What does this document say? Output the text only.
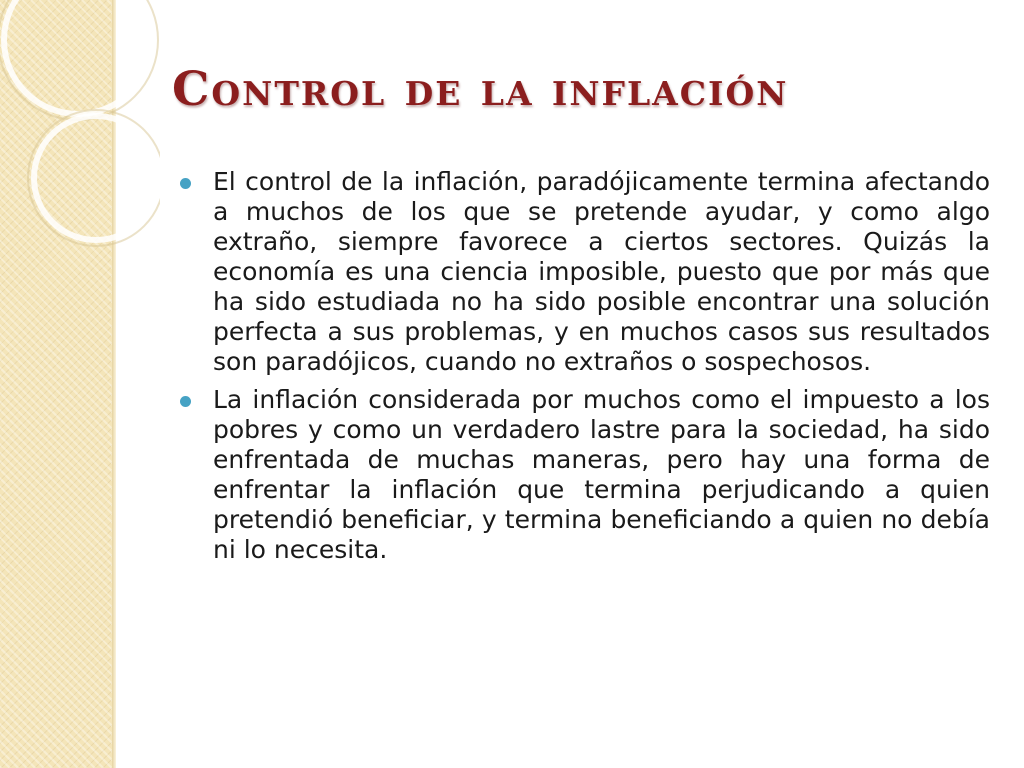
Control de la inflación

El control de la inflación, paradójicamente termina afectando a muchos de los que se pretende ayudar, y como algo extraño, siempre favorece a ciertos sectores. Quizás la economía es una ciencia imposible, puesto que por más que ha sido estudiada no ha sido posible encontrar una solución perfecta a sus problemas, y en muchos casos sus resultados son paradójicos, cuando no extraños o sospechosos.

La inflación considerada por muchos como el impuesto a los pobres y como un verdadero lastre para la sociedad, ha sido enfrentada de muchas maneras, pero hay una forma de enfrentar la inflación que termina perjudicando a quien pretendió beneficiar, y termina beneficiando a quien no debía ni lo necesita.
